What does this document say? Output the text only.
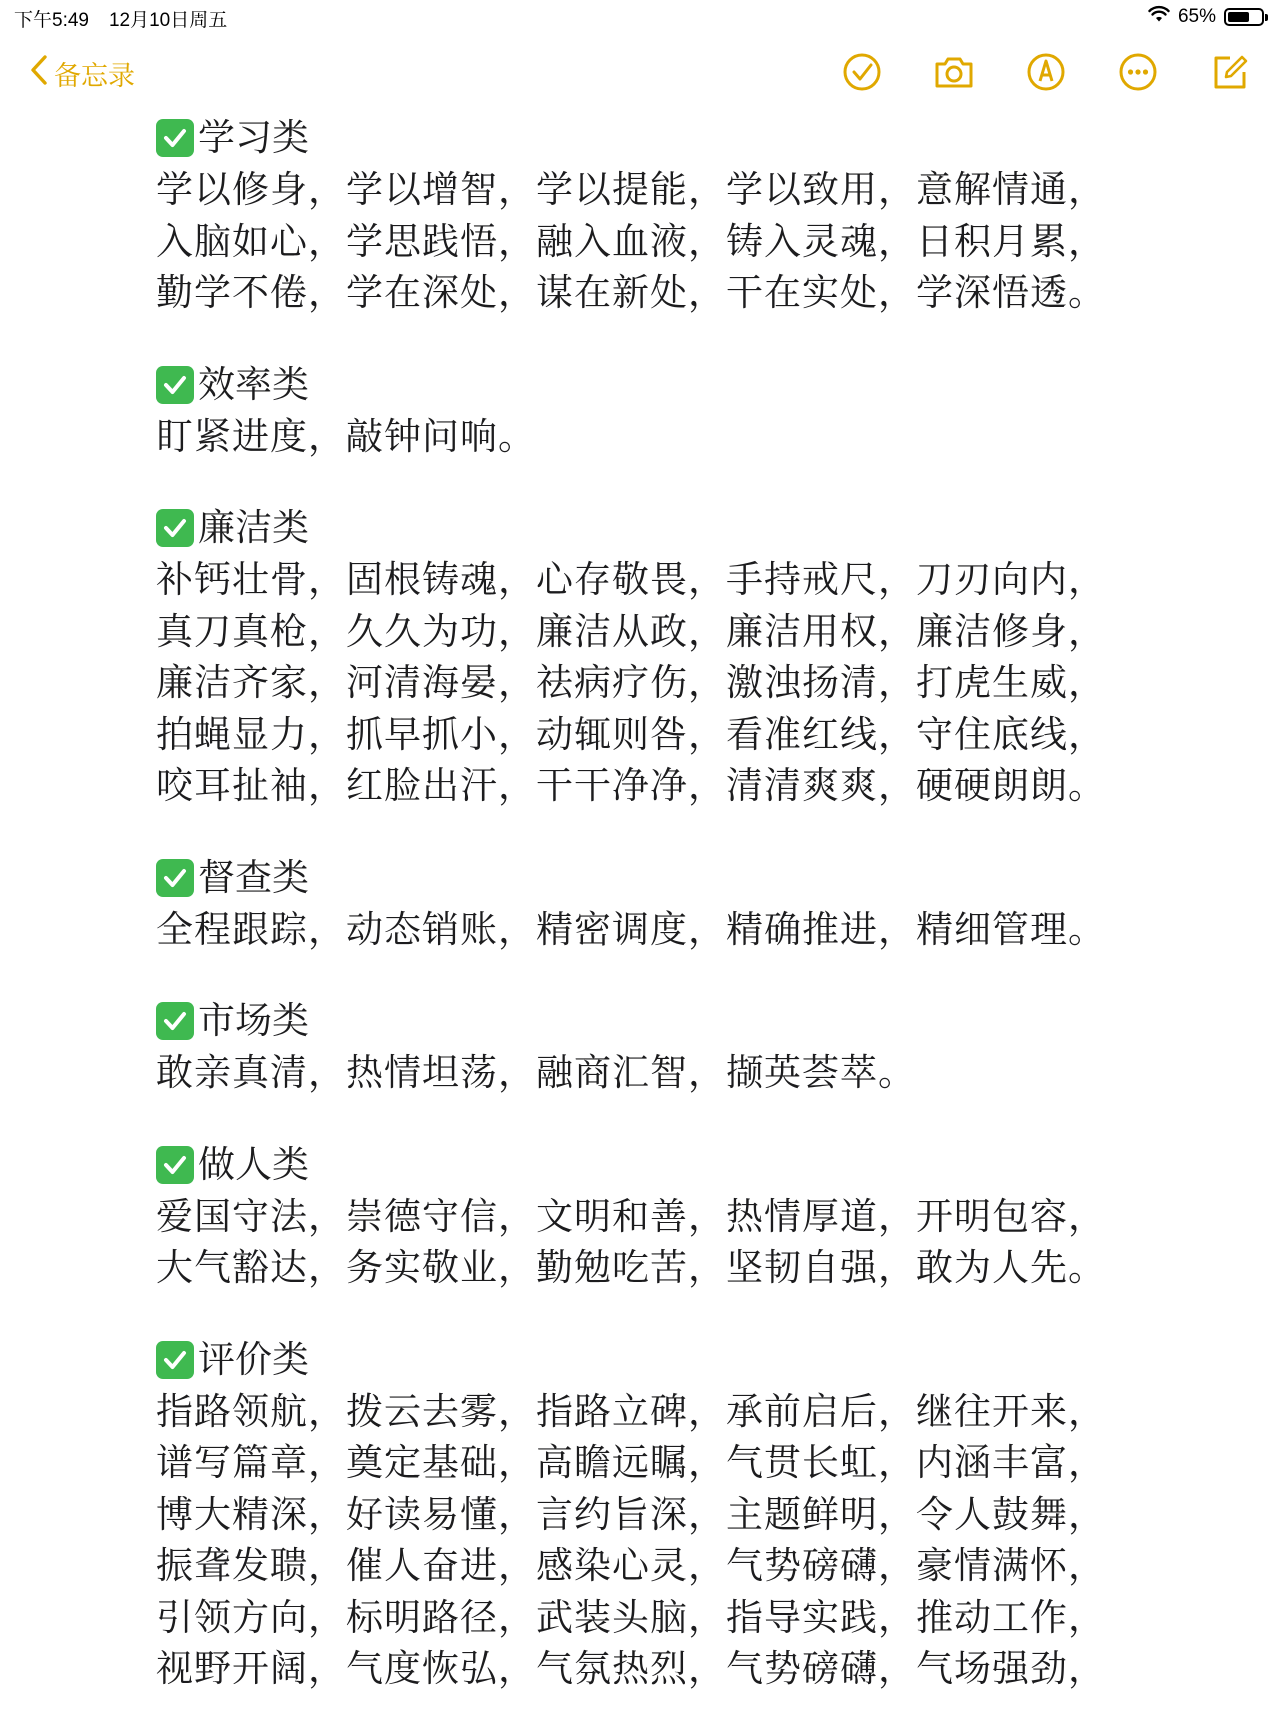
下午5:49 12月10日周五	65%
备忘录
学习类
学以修身，学以增智，学以提能，学以致用，意解情通，
入脑如心，学思践悟，融入血液，铸入灵魂，日积月累，
勤学不倦，学在深处，谋在新处，干在实处，学深悟透。
效率类
盯紧进度，敲钟问响。
廉洁类
补钙壮骨，固根铸魂，心存敬畏，手持戒尺，刀刃向内，
真刀真枪，久久为功，廉洁从政，廉洁用权，廉洁修身，
廉洁齐家，河清海晏，祛病疗伤，激浊扬清，打虎生威，
拍蝇显力，抓早抓小，动辄则咎，看准红线，守住底线，
咬耳扯袖，红脸出汗，干干净净，清清爽爽，硬硬朗朗。
督查类
全程跟踪，动态销账，精密调度，精确推进，精细管理。
市场类
敢亲真清，热情坦荡，融商汇智，撷英荟萃。
做人类
爱国守法，崇德守信，文明和善，热情厚道，开明包容，
大气豁达，务实敬业，勤勉吃苦，坚韧自强，敢为人先。
评价类
指路领航，拨云去雾，指路立碑，承前启后，继往开来，
谱写篇章，奠定基础，高瞻远瞩，气贯长虹，内涵丰富，
博大精深，好读易懂，言约旨深，主题鲜明，令人鼓舞，
振聋发聩，催人奋进，感染心灵，气势磅礴，豪情满怀，
引领方向，标明路径，武装头脑，指导实践，推动工作，
视野开阔，气度恢弘，气氛热烈，气势磅礴，气场强劲，
